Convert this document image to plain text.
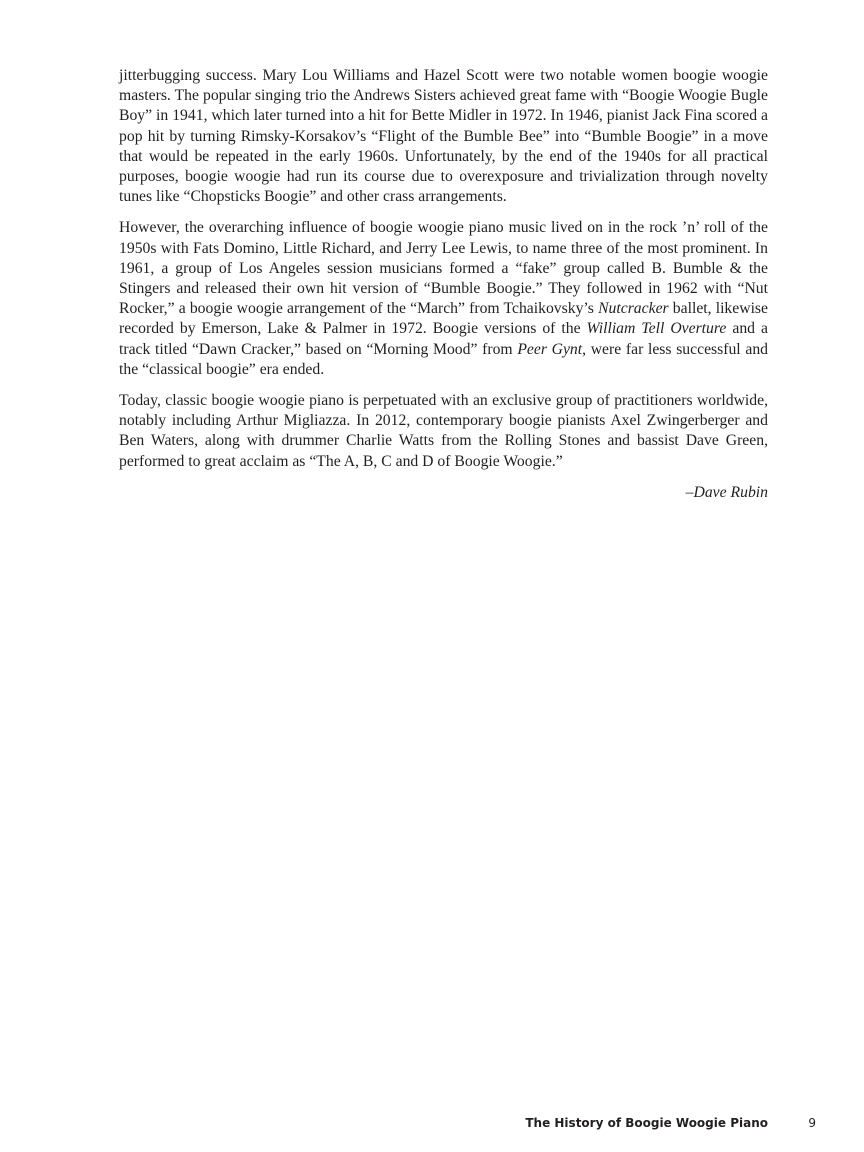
jitterbugging success. Mary Lou Williams and Hazel Scott were two notable women boogie woogie masters. The popular singing trio the Andrews Sisters achieved great fame with “Boogie Woogie Bugle Boy” in 1941, which later turned into a hit for Bette Midler in 1972. In 1946, pianist Jack Fina scored a pop hit by turning Rimsky-Korsakov’s “Flight of the Bumble Bee” into “Bumble Boogie” in a move that would be repeated in the early 1960s. Unfortunately, by the end of the 1940s for all practical purposes, boogie woogie had run its course due to overexposure and trivialization through novelty tunes like “Chopsticks Boogie” and other crass arrangements.

However, the overarching influence of boogie woogie piano music lived on in the rock ’n’ roll of the 1950s with Fats Domino, Little Richard, and Jerry Lee Lewis, to name three of the most prominent. In 1961, a group of Los Angeles session musicians formed a “fake” group called B. Bumble & the Stingers and released their own hit version of “Bumble Boogie.” They followed in 1962 with “Nut Rocker,” a boogie woogie arrangement of the “March” from Tchaikovsky’s Nutcracker ballet, likewise recorded by Emerson, Lake & Palmer in 1972. Boogie versions of the William Tell Overture and a track titled “Dawn Cracker,” based on “Morning Mood” from Peer Gynt, were far less successful and the “classical boogie” era ended.

Today, classic boogie woogie piano is perpetuated with an exclusive group of practitioners worldwide, notably including Arthur Migliazza. In 2012, contemporary boogie pianists Axel Zwingerberger and Ben Waters, along with drummer Charlie Watts from the Rolling Stones and bassist Dave Green, performed to great acclaim as “The A, B, C and D of Boogie Woogie.”

–Dave Rubin

The History of Boogie Woogie Piano	9
